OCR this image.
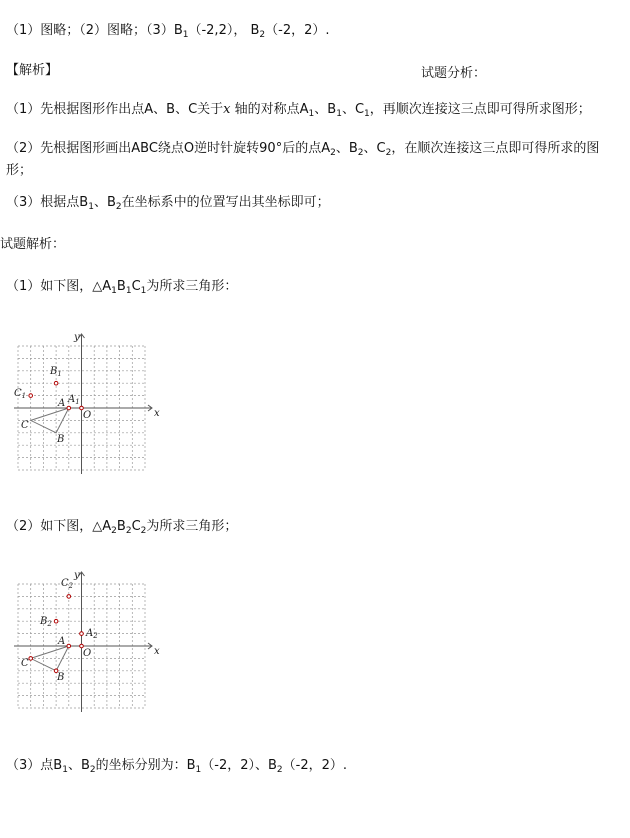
（1）图略；（2）图略；$(3)B_1(-2,2)$， $B_2(-2$，2）.
【解析】	试题分析：
（1）先根据图形作出点A、B、C关于x 轴的对称点$A_1$、$B_1$、$C_1$，再顺次连接这三点即可得所求图形；
（2）先根据图形画出ABC绕点O逆时针旋转90°后的点$A_2$、$B_2$、$C_2$，在顺次连接这三点即可得所求的图形；
（3）根据点$B_1$、$B_2$在坐标系中的位置写出其坐标即可；
试题解析：
（1）如下图，$\triangle A_1B_1C_1$为所求三角形：
x
y
O
A
B
C
$A_1$
$B_1$
$C_1$
（2）如下图，$\triangle A_2B_2C_2$为所求三角形；
x
y
O
A
B
C
$A_2$
$B_2$
$C_2$
（3）点$B_1$、$B_2$的坐标分别为：$B_1(-2$，2）、$B_2(-2$，2）.
